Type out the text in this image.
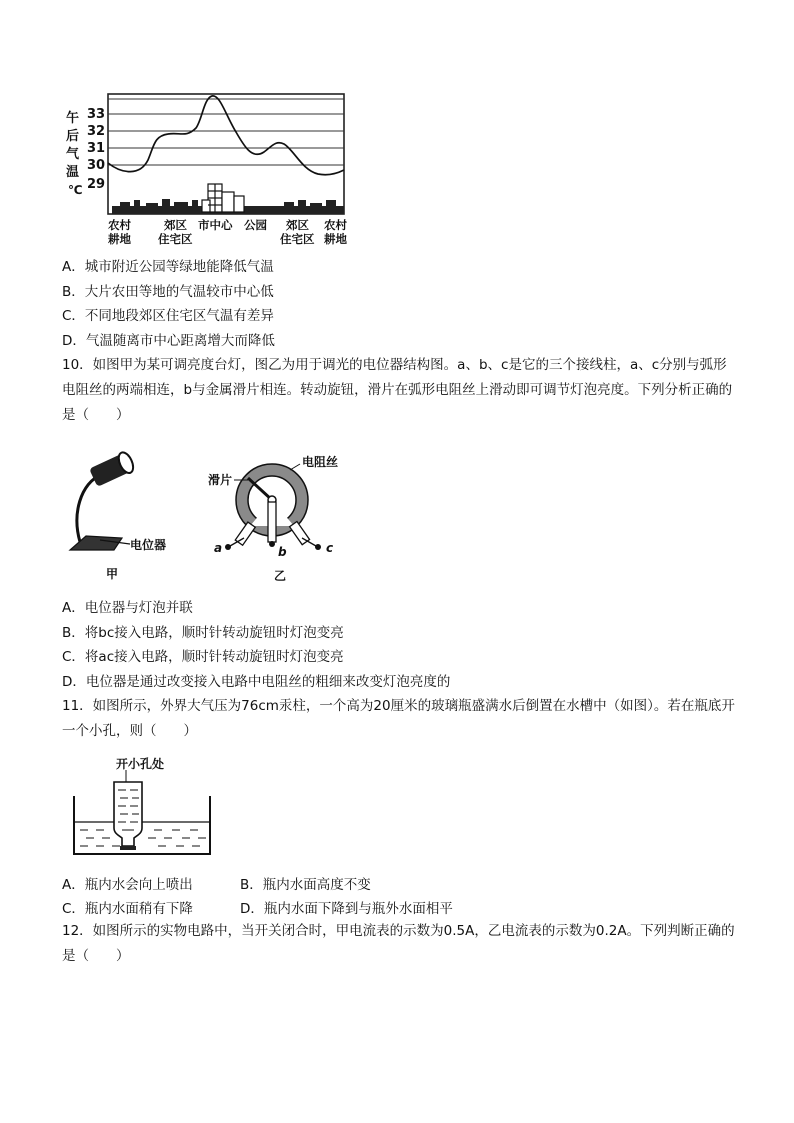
午
后
气
温
℃
33
32
31
30
29
农村
耕地
郊区
住宅区
市中心 公园 郊区
住宅区
农村
耕地
A．城市附近公园等绿地能降低气温
B．大片农田等地的气温较市中心低
C．不同地段郊区住宅区气温有差异
D．气温随离市中心距离增大而降低
10．如图甲为某可调亮度台灯，图乙为用于调光的电位器结构图。a、b、c是它的三个接线柱，a、c分别与弧形电阻丝的两端相连，b与金属滑片相连。转动旋钮，滑片在弧形电阻丝上滑动即可调节灯泡亮度。下列分析正确的是（　　）
电位器
甲
滑片
电阻丝
a	b	c
乙
A．电位器与灯泡并联
B．将bc接入电路，顺时针转动旋钮时灯泡变亮
C．将ac接入电路，顺时针转动旋钮时灯泡变亮
D．电位器是通过改变接入电路中电阻丝的粗细来改变灯泡亮度的
11．如图所示，外界大气压为76cm汞柱，一个高为20厘米的玻璃瓶盛满水后倒置在水槽中（如图）。若在瓶底开一个小孔，则（　　）
开小孔处
A．瓶内水会向上喷出	B．瓶内水面高度不变
C．瓶内水面稍有下降	D．瓶内水面下降到与瓶外水面相平
12．如图所示的实物电路中，当开关闭合时，甲电流表的示数为0.5A，乙电流表的示数为0.2A。下列判断正确的是（　　）
